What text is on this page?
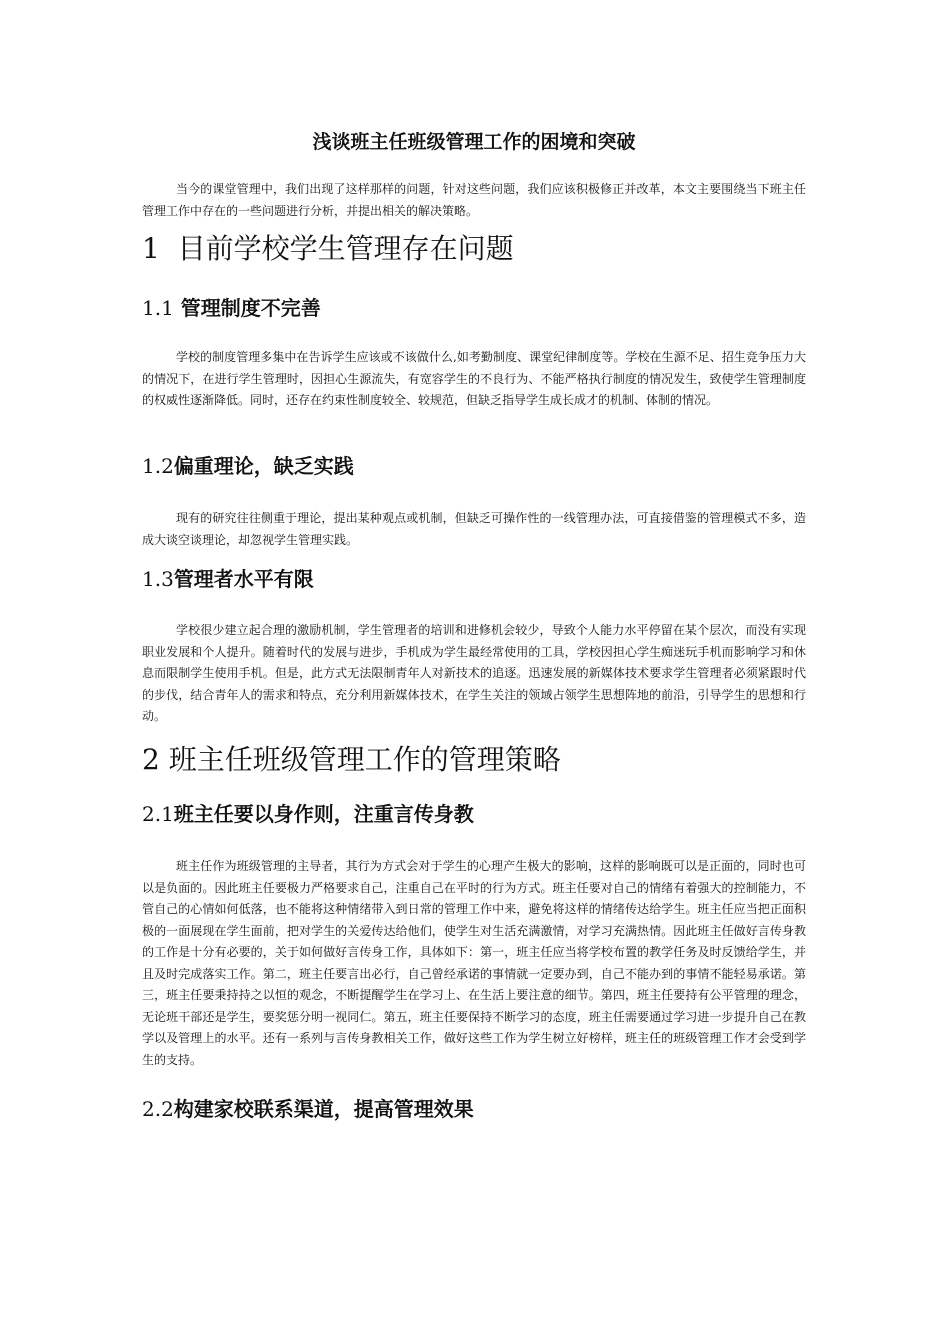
浅谈班主任班级管理工作的困境和突破

当今的课堂管理中，我们出现了这样那样的问题，针对这些问题，我们应该积极修正并改革，本文主要围绕当下班主任管理工作中存在的一些问题进行分析，并提出相关的解决策略。

1 目前学校学生管理存在问题
1.1 管理制度不完善

学校的制度管理多集中在告诉学生应该或不该做什么,如考勤制度、课堂纪律制度等。学校在生源不足、招生竞争压力大的情况下，在进行学生管理时，因担心生源流失，有宽容学生的不良行为、不能严格执行制度的情况发生，致使学生管理制度的权威性逐渐降低。同时，还存在约束性制度较全、较规范，但缺乏指导学生成长成才的机制、体制的情况。

1.2偏重理论，缺乏实践

现有的研究往往侧重于理论，提出某种观点或机制，但缺乏可操作性的一线管理办法，可直接借鉴的管理模式不多，造成大谈空谈理论，却忽视学生管理实践。

1.3管理者水平有限

学校很少建立起合理的激励机制，学生管理者的培训和进修机会较少，导致个人能力水平停留在某个层次，而没有实现职业发展和个人提升。随着时代的发展与进步，手机成为学生最经常使用的工具，学校因担心学生痴迷玩手机而影响学习和休息而限制学生使用手机。但是，此方式无法限制青年人对新技术的追逐。迅速发展的新媒体技术要求学生管理者必须紧跟时代的步伐，结合青年人的需求和特点，充分利用新媒体技术，在学生关注的领域占领学生思想阵地的前沿，引导学生的思想和行动。

2 班主任班级管理工作的管理策略
2.1班主任要以身作则，注重言传身教

班主任作为班级管理的主导者，其行为方式会对于学生的心理产生极大的影响，这样的影响既可以是正面的，同时也可以是负面的。因此班主任要极力严格要求自己，注重自己在平时的行为方式。班主任要对自己的情绪有着强大的控制能力，不管自己的心情如何低落，也不能将这种情绪带入到日常的管理工作中来，避免将这样的情绪传达给学生。班主任应当把正面积极的一面展现在学生面前，把对学生的关爱传达给他们，使学生对生活充满激情，对学习充满热情。因此班主任做好言传身教的工作是十分有必要的，关于如何做好言传身工作，具体如下：第一，班主任应当将学校布置的教学任务及时反馈给学生，并且及时完成落实工作。第二，班主任要言出必行，自己曾经承诺的事情就一定要办到，自己不能办到的事情不能轻易承诺。第三，班主任要秉持持之以恒的观念，不断提醒学生在学习上、在生活上要注意的细节。第四，班主任要持有公平管理的理念，无论班干部还是学生，要奖惩分明一视同仁。第五，班主任要保持不断学习的态度，班主任需要通过学习进一步提升自己在教学以及管理上的水平。还有一系列与言传身教相关工作，做好这些工作为学生树立好榜样，班主任的班级管理工作才会受到学生的支持。

2.2构建家校联系渠道，提高管理效果
